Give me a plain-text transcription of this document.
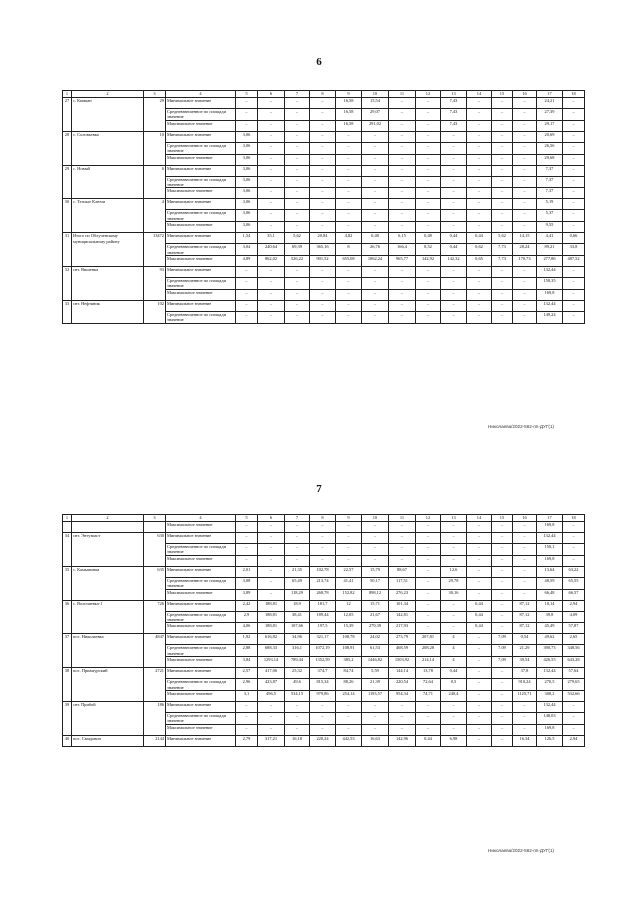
6
1	2	3	4	5	6	7	8	9	10	11	12	13	14	15	16	17	18
27	с. Кимкан	29	Минимальное значение	–	–	–	–	16,58	15,54	–	–	7,43	–	–	–	24,21	–
			Средневзвешенное по площади значение	–	–	–	–	16,58	29,07	–	–	7,43	–	–	–	27,39	–
			Максимальное значение	–	–	–	–	16,58	291,02	–	–	7,43	–	–	–	29,17	–
28	с. Соловьевка	10	Минимальное значение	3,06	–	–	–	–	–	–	–	–	–	–	–	20,69	–
			Средневзвешенное по площади значение	3,06	–	–	–	–	–	–	–	–	–	–	–	26,56	–
			Максимальное значение	3,06	–	–	–	–	–	–	–	–	–	–	–	29,68	–
29	с. Новый	6	Минимальное значение	3,06	–	–	–	–	–	–	–	–	–	–	–	7,37	–
			Средневзвешенное по площади значение	3,06	–	–	–	–	–	–	–	–	–	–	–	7,37	–
			Максимальное значение	3,06	–	–	–	–	–	–	–	–	–	–	–	7,37	–
30	с. Теплые Ключи	4	Минимальное значение	3,06	–	–	–	–	–	–	–	–	–	–	–	5,19	–
			Средневзвешенное по площади значение	3,06	–	–	–	–	–	–	–	–	–	–	–	5,37	–
			Максимальное значение	3,06	–	–	–	–	–	–	–	–	–	–	–	9,55	–
31	Итого по Облученскому муниципальному району	13472	Минимальное значение	1,54	35,1	5,62	20,84	4,82	0,48	6,15	0,48	0,44	0,44	5,62	14,15	4,41	0,66
			Средневзвешенное по площади значение	3,04	240,64	69,39	365,16	8	26,76	166,4	8,52	0,44	0,62	7,73	28,24	89,21	33,8
			Максимальное значение	4,89	862,02	526,22	901,52	655,08	1062,24	965,77	142,92	142,32	0,65	7,73	170,73	277,86	487,52
32	снт. Вишенка	93	Минимальное значение	–	–	–	–	–	–	–	–	–	–	–	–	132,44	–
			Средневзвешенное по площади значение	–	–	–	–	–	–	–	–	–	–	–	–	158,35	–
			Максимальное значение	–	–	–	–	–	–	–	–	–	–	–	–	169,8	–
33	снт. Нефтяник	102	Минимальное значение	–	–	–	–	–	–	–	–	–	–	–	–	132,44	–
			Средневзвешенное по площади значение	–	–	–	–	–	–	–	–	–	–	–	–	149,24	–
Николаева/2022-562-пп-ДУГ(1)
7
1	2	3	4	5	6	7	8	9	10	11	12	13	14	15	16	17	18
			Максимальное значение	–	–	–	–	–	–	–	–	–	–	–	–	169,8	–
34	снт. Энтузиаст	630	Минимальное значение	–	–	–	–	–	–	–	–	–	–	–	–	132,44	–
			Средневзвешенное по площади значение	–	–	–	–	–	–	–	–	–	–	–	–	150,1	–
			Максимальное значение	–	–	–	–	–	–	–	–	–	–	–	–	169,8	–
35	с. Камышовка	635	Минимальное значение	2,01	–	21,35	102,78	22,57	15,79	88,67	–	12,6	–	–	–	13,64	63,22
			Средневзвешенное по площади значение	3,08	–	65,49	213,74	41,41	50,17	117,51	–	29,78	–	–	–	48,59	65,55
			Максимальное значение	3,89	–	118,29	268,78	152,82	898,12	276,23	–	30,16	–	–	–	66,48	66,57
36	с. Волочаевка-1	726	Минимальное значение	2,42	188,81	18,9	181,7	12	15,71	101,34	–	–	0,44	–	87,12	18,14	2,94
			Средневзвешенное по площади значение	2,9	188,81	38,41	189,44	12,05	21,67	142,81	–	–	0,44	–	87,12	39,8	4,09
			Максимальное значение	4,06	188,81	107,66	197,5	15,39	279,39	217,93	–	–	0,44	–	87,12	45,49	57,87
37	пос. Николаевка	4847	Минимальное значение	1,92	616,82	34,96	321,17	108,78	24,02	273,79	207,81	4	–	7,09	0,54	49,62	2,65
			Средневзвешенное по площади значение	2,88	688,33	316,1	1072,19	108,91	61,53	468,59	208,28	4	–	7,09	21,29	390,73	348,56
			Максимальное значение	3,84	1293,14	789,44	1352,59	385,2	1446,82	1503,92	214,14	4	–	7,09	39,54	426,55	643,28
38	пос. Приамурский	2721	Минимальное значение	2,57	417,06	25,32	374,7	84,74	5,59	144,14	13,78	0,44	–	–	37,8	132,44	57,64
			Средневзвешенное по площади значение	2,96	423,87	49,6	815,34	88,26	21,39	220,54	72,64	0,5	–	–	910,24	270,5	279,65
			Максимальное значение	3,1	496,5	534,15	979,86	254,14	1193,57	954,34	74,71	240,4	–	–	1125,71	308,2	532,66
39	снт. Прибой	186	Минимальное значение	–	–	–	–	–	–	–	–	–	–	–	–	132,44	–
			Средневзвешенное по площади значение	–	–	–	–	–	–	–	–	–	–	–	–	148,03	–
			Максимальное значение	–	–	–	–	–	–	–	–	–	–	–	–	169,8	–
40	пос. Смидович	2144	Минимальное значение	2,79	317,21	16,18	220,24	442,53	16,63	142,96	0,44	6,98	–	–	16,34	126,5	2,94
Николаева/2022-562-пп-ДУГ(1)
